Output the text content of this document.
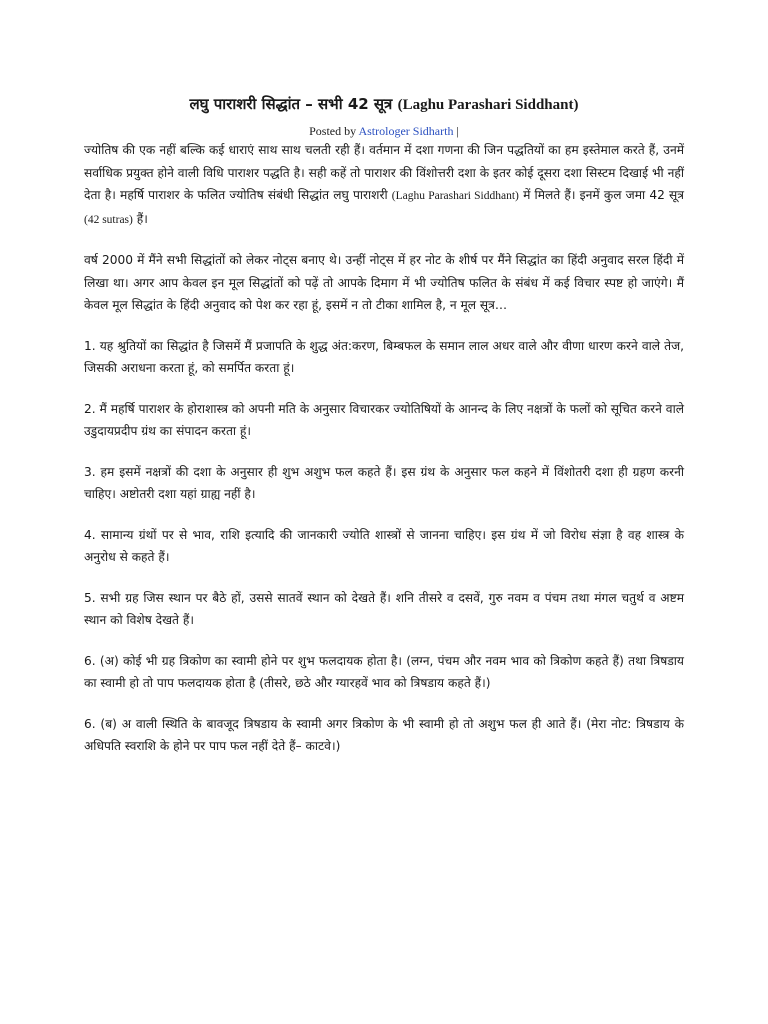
लघु पाराशरी सिद्धांत – सभी 42 सूत्र (Laghu Parashari Siddhant)
Posted by Astrologer Sidharth |

ज्योतिष की एक नहीं बल्कि कई धाराएं साथ साथ चलती रही हैं। वर्तमान में दशा गणना की जिन पद्धतियों का हम इस्तेमाल करते हैं, उनमें सर्वाधिक प्रयुक्त होने वाली विधि पाराशर पद्धति है। सही कहें तो पाराशर की विंशोत्तरी दशा के इतर कोई दूसरा दशा सिस्टम दिखाई भी नहीं देता है। महर्षि पाराशर के फलित ज्योतिष संबंधी सिद्धांत लघु पाराशरी (Laghu Parashari Siddhant) में मिलते हैं। इनमें कुल जमा 42 सूत्र (42 sutras) हैं।

वर्ष 2000 में मैंने सभी सिद्धांतों को लेकर नोट्स बनाए थे। उन्हीं नोट्स में हर नोट के शीर्ष पर मैंने सिद्धांत का हिंदी अनुवाद सरल हिंदी में लिखा था। अगर आप केवल इन मूल सिद्धांतों को पढ़ें तो आपके दिमाग में भी ज्योतिष फलित के संबंध में कई विचार स्पष्ट हो जाएंगे। मैं केवल मूल सिद्धांत के हिंदी अनुवाद को पेश कर रहा हूं, इसमें न तो टीका शामिल है, न मूल सूत्र…

1. यह श्रुतियों का सिद्धांत है जिसमें मैं प्रजापति के शुद्ध अंत:करण, बिम्बफल के समान लाल अधर वाले और वीणा धारण करने वाले तेज, जिसकी अराधना करता हूं, को समर्पित करता हूं।

2. मैं महर्षि पाराशर के होराशास्त्र को अपनी मति के अनुसार विचारकर ज्योतिषियों के आनन्द के लिए नक्षत्रों के फलों को सूचित करने वाले उडुदायप्रदीप ग्रंथ का संपादन करता हूं।

3. हम इसमें नक्षत्रों की दशा के अनुसार ही शुभ अशुभ फल कहते हैं। इस ग्रंथ के अनुसार फल कहने में विंशोतरी दशा ही ग्रहण करनी चाहिए। अष्टोतरी दशा यहां ग्राह्य नहीं है।

4. सामान्य ग्रंथों पर से भाव, राशि इत्यादि की जानकारी ज्योति शास्त्रों से जानना चाहिए। इस ग्रंथ में जो विरोध संज्ञा है वह शास्त्र के अनुरोध से कहते हैं।

5. सभी ग्रह जिस स्थान पर बैठे हों, उससे सातवें स्थान को देखते हैं। शनि तीसरे व दसवें, गुरु नवम व पंचम तथा मंगल चतुर्थ व अष्टम स्थान को विशेष देखते हैं।

6. (अ) कोई भी ग्रह त्रिकोण का स्वामी होने पर शुभ फलदायक होता है। (लग्न, पंचम और नवम भाव को त्रिकोण कहते हैं) तथा त्रिषडाय का स्वामी हो तो पाप फलदायक होता है (तीसरे, छठे और ग्यारहवें भाव को त्रिषडाय कहते हैं।)

6. (ब) अ वाली स्थिति के बावजूद त्रिषडाय के स्वामी अगर त्रिकोण के भी स्वामी हो तो अशुभ फल ही आते हैं। (मेरा नोट: त्रिषडाय के अधिपति स्वराशि के होने पर पाप फल नहीं देते हैं– काटवे।)
